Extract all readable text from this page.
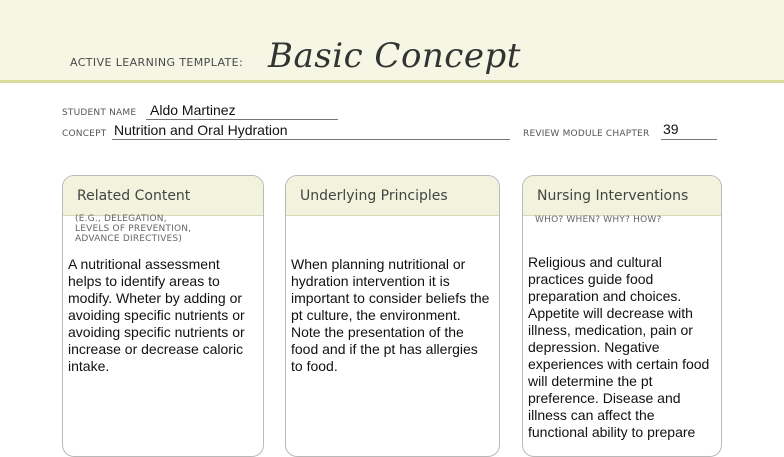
ACTIVE LEARNING TEMPLATE: Basic Concept
STUDENT NAME Aldo Martinez
CONCEPT Nutrition and Oral Hydration	REVIEW MODULE CHAPTER 39
Related Content
(E.G., DELEGATION,
LEVELS OF PREVENTION,
ADVANCE DIRECTIVES)
A nutritional assessment helps to identify areas to modify. Wheter by adding or avoiding specific nutrients or avoiding specific nutrients or increase or decrease caloric intake.
Underlying Principles
When planning nutritional or hydration intervention it is important to consider beliefs the pt culture, the environment. Note the presentation of the food and if the pt has allergies to food.
Nursing Interventions
WHO? WHEN? WHY? HOW?
Religious and cultural practices guide food preparation and choices. Appetite will decrease with illness, medication, pain or depression. Negative experiences with certain food will determine the pt preference. Disease and illness can affect the functional ability to prepare
